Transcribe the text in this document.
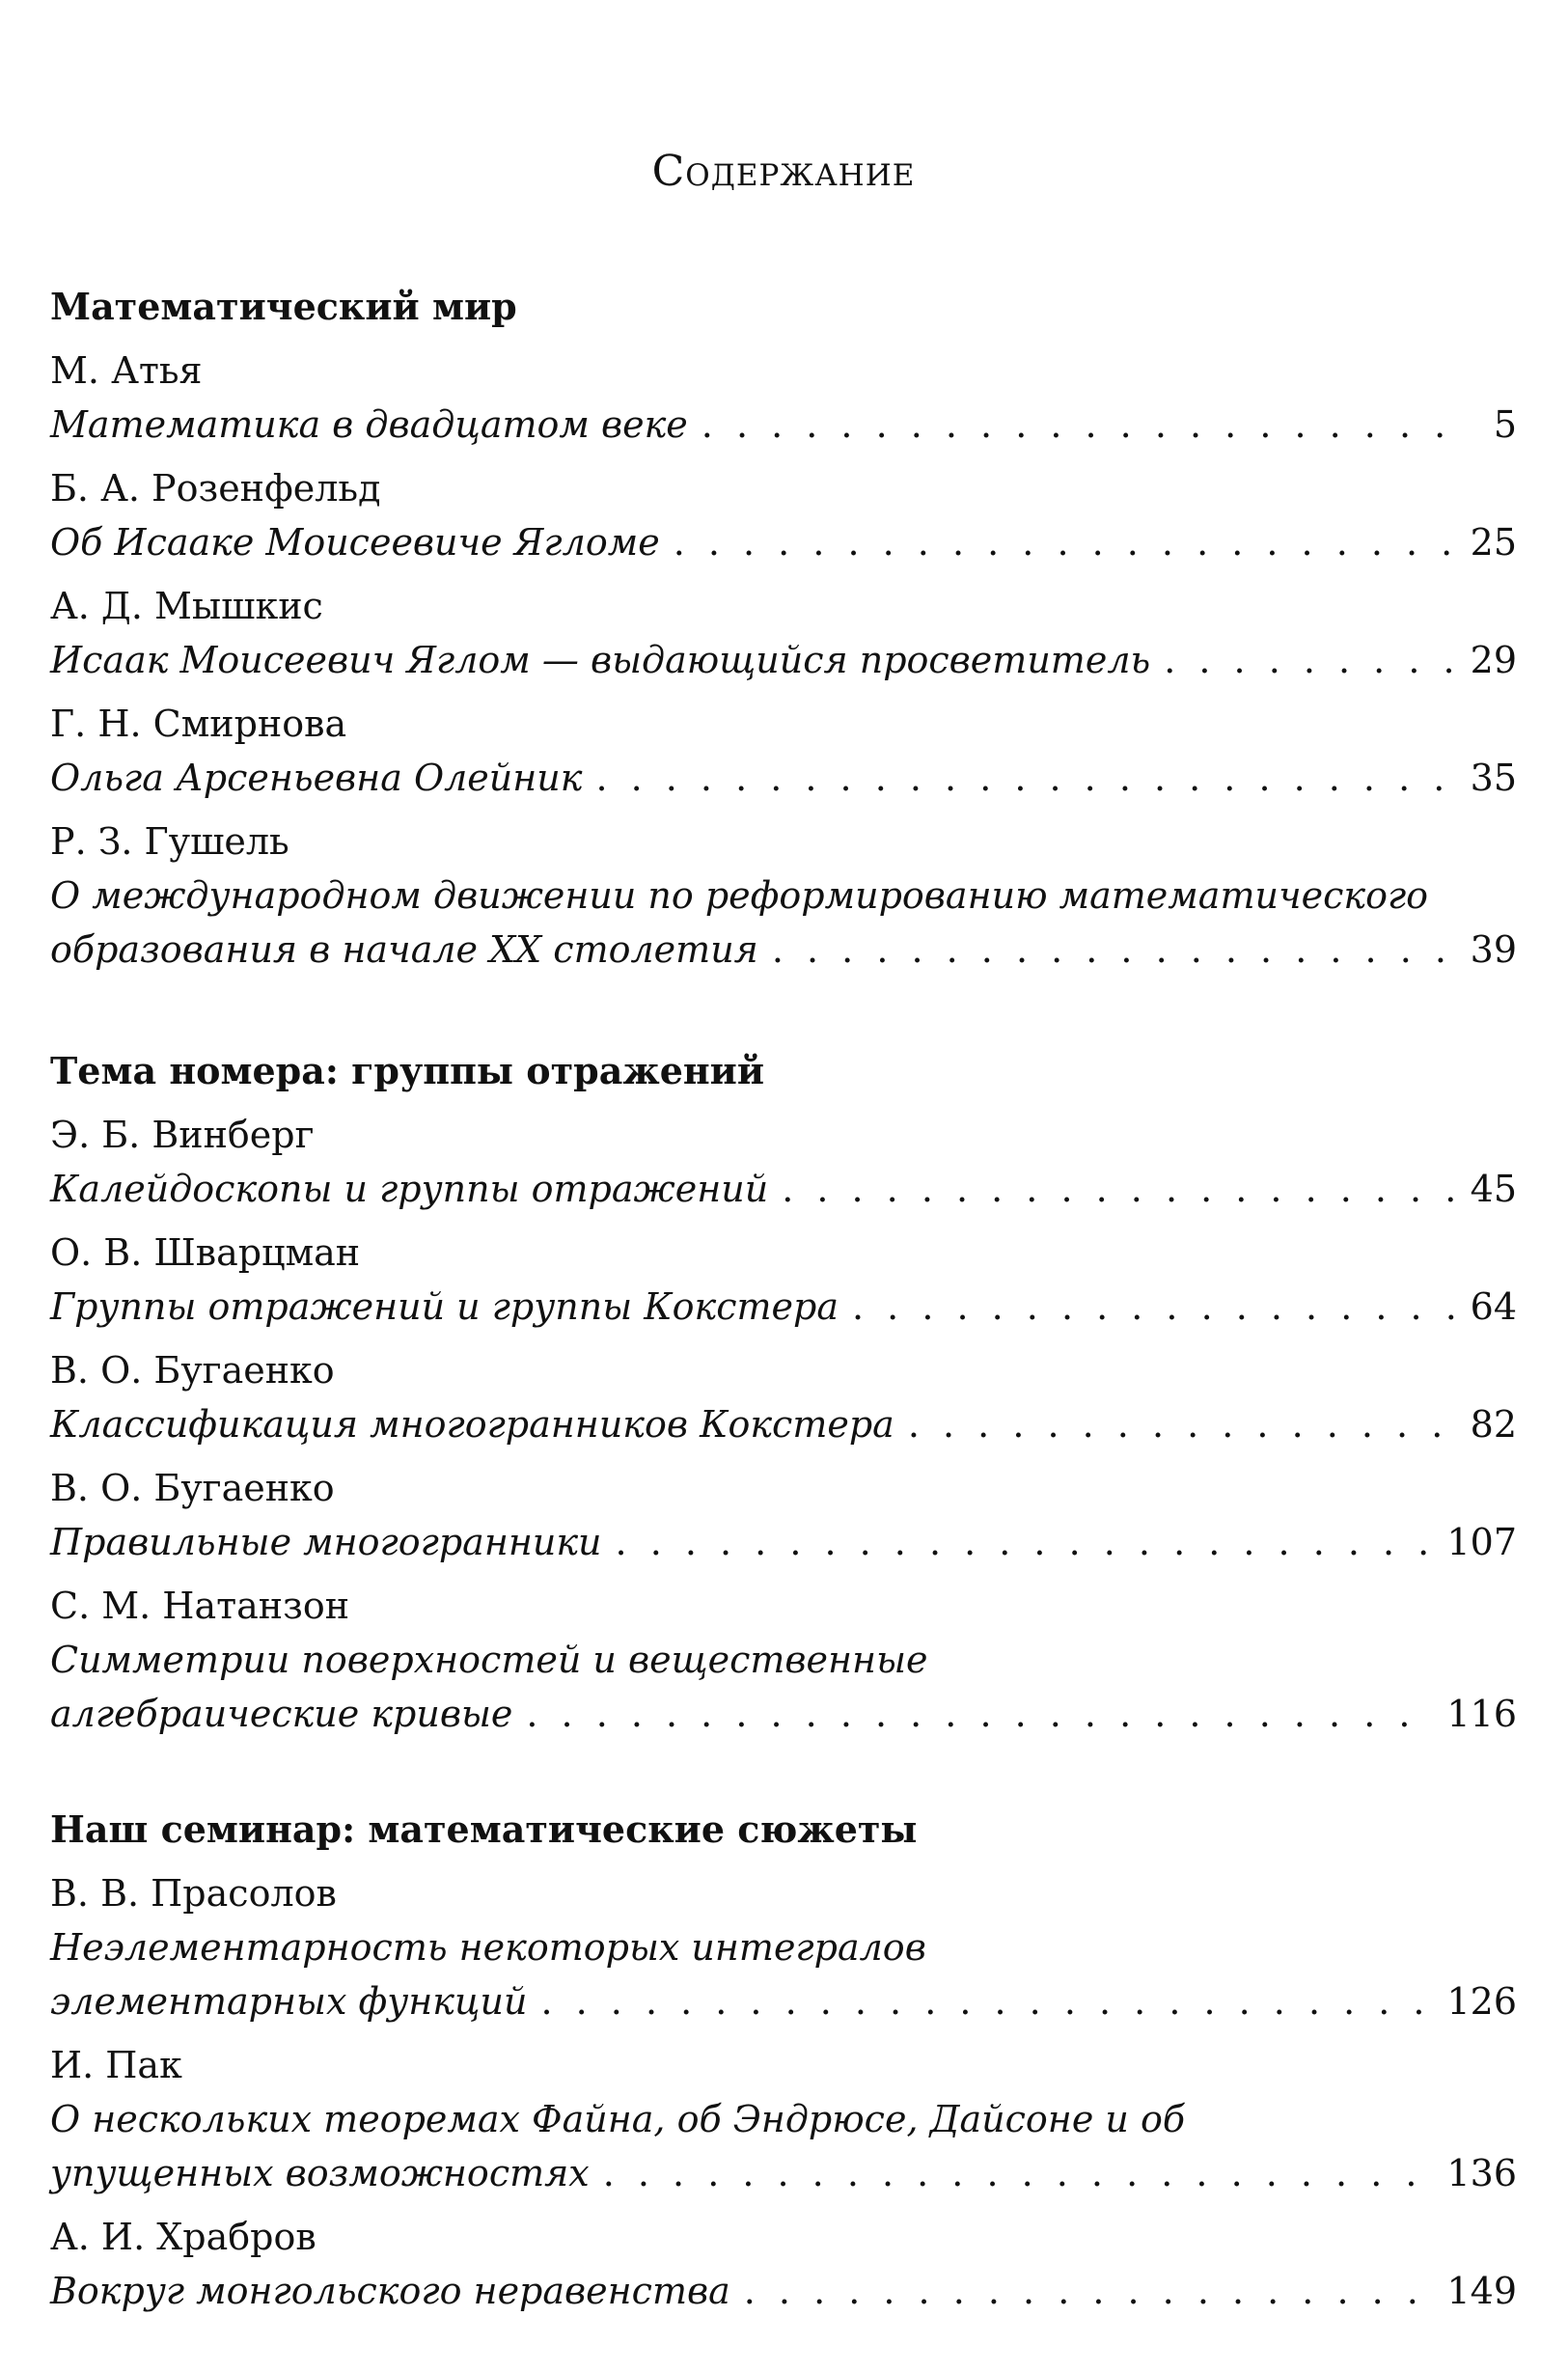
Содержание
Математический мир

М. Атья

Математика в двадцатом веке . . .	5

Б. А. Розенфельд

Об Исааке Моисеевиче Ягломе . . .	25

А. Д. Мышкис

Исаак Моисеевич Яглом — выдающийся просветитель . . .	29

Г. Н. Смирнова

Ольга Арсеньевна Олейник . . .	35

Р. З. Гушель

О международном движении по реформированию математического

образования в начале XX столетия . . .	39
Тема номера: группы отражений

Э. Б. Винберг

Калейдоскопы и группы отражений . . .	45

О. В. Шварцман

Группы отражений и группы Кокстера . . .	64

В. О. Бугаенко

Классификация многогранников Кокстера . . .	82

В. О. Бугаенко

Правильные многогранники . . .	107

С. М. Натанзон

Симметрии поверхностей и вещественные

алгебраические кривые . . .	116
Наш семинар: математические сюжеты

В. В. Прасолов

Неэлементарность некоторых интегралов

элементарных функций . . .	126

И. Пак

О нескольких теоремах Файна, об Эндрюсе, Дайсоне и об

упущенных возможностях . . .	136

А. И. Храбров

Вокруг монгольского неравенства . . .	149
